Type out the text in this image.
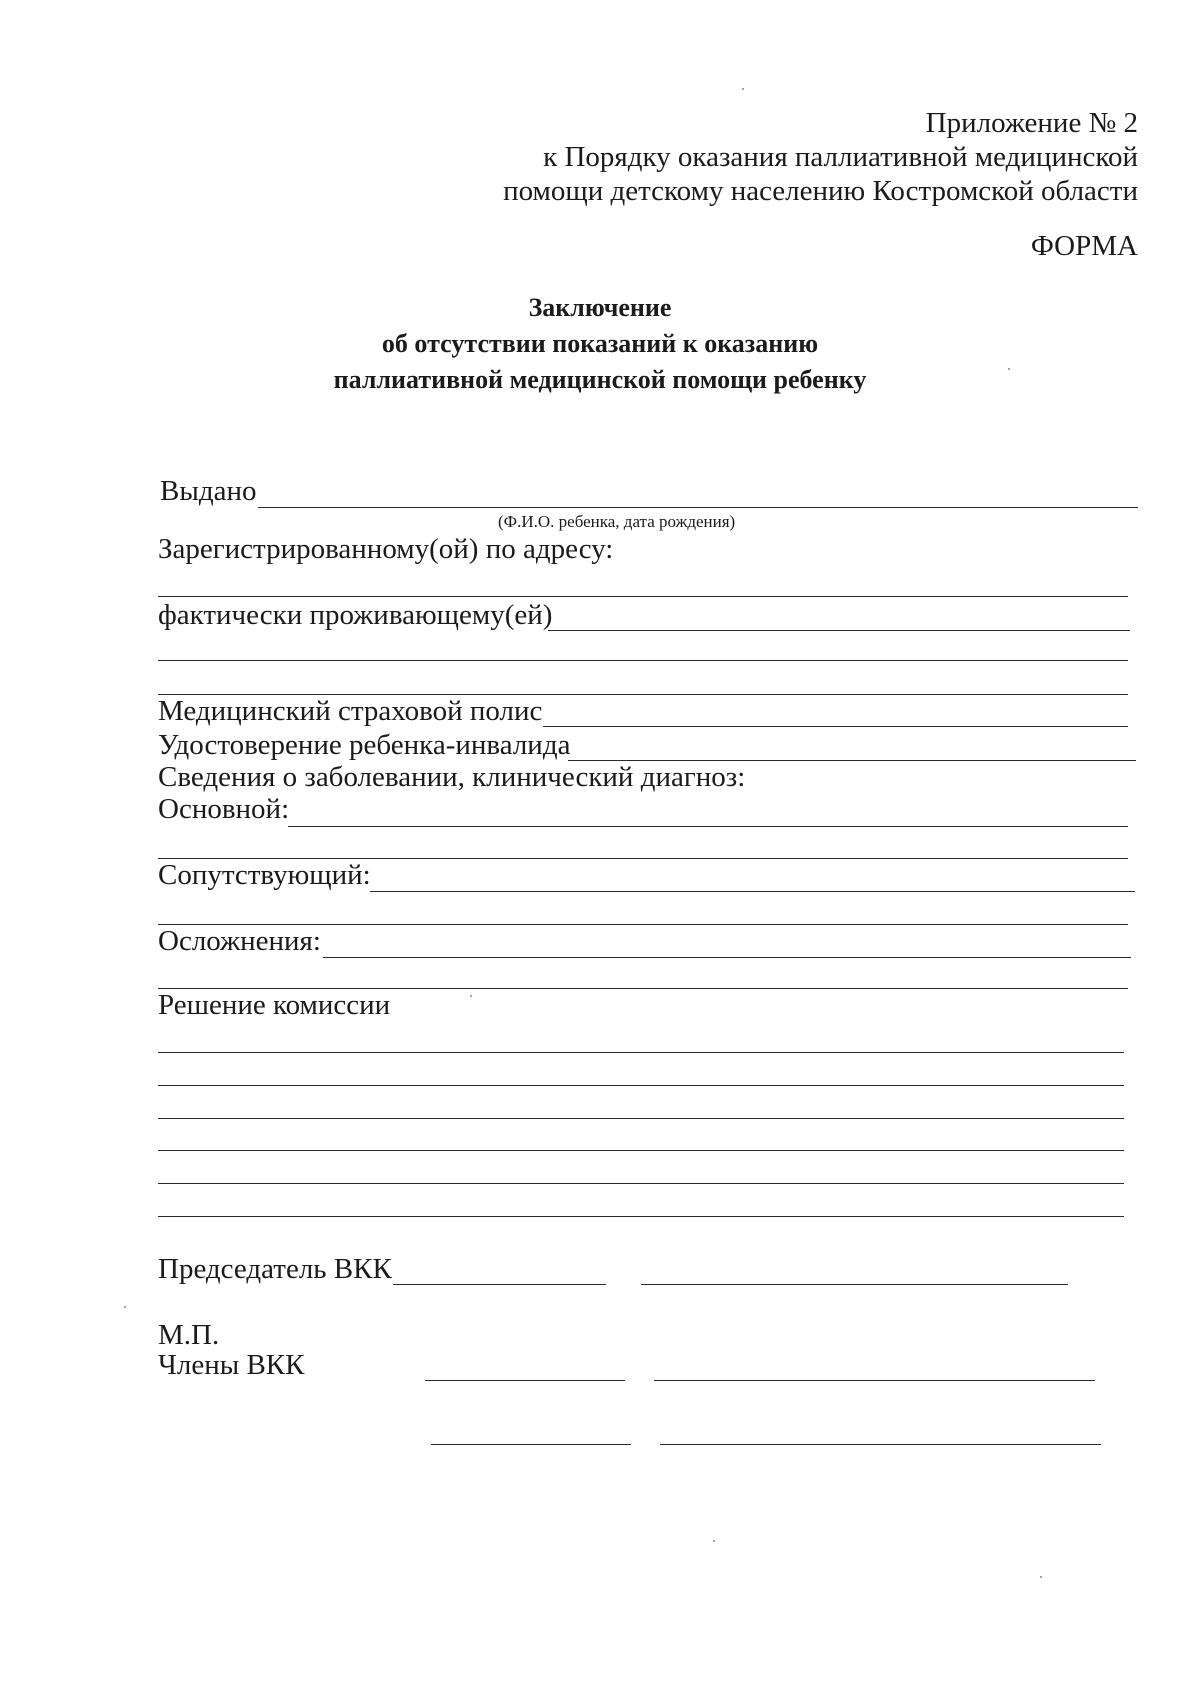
Приложение № 2
к Порядку оказания паллиативной медицинской
помощи детскому населению Костромской области
ФОРМА
Заключение
об отсутствии показаний к оказанию
паллиативной медицинской помощи ребенку
Выдано
(Ф.И.О. ребенка, дата рождения)
Зарегистрированному(ой) по адресу:
фактически проживающему(ей)
Медицинский страховой полис
Удостоверение ребенка-инвалида
Сведения о заболевании, клинический диагноз:
Основной:
Сопутствующий:
Осложнения:
Решение комиссии
Председатель ВКК
М.П.
Члены ВКК
